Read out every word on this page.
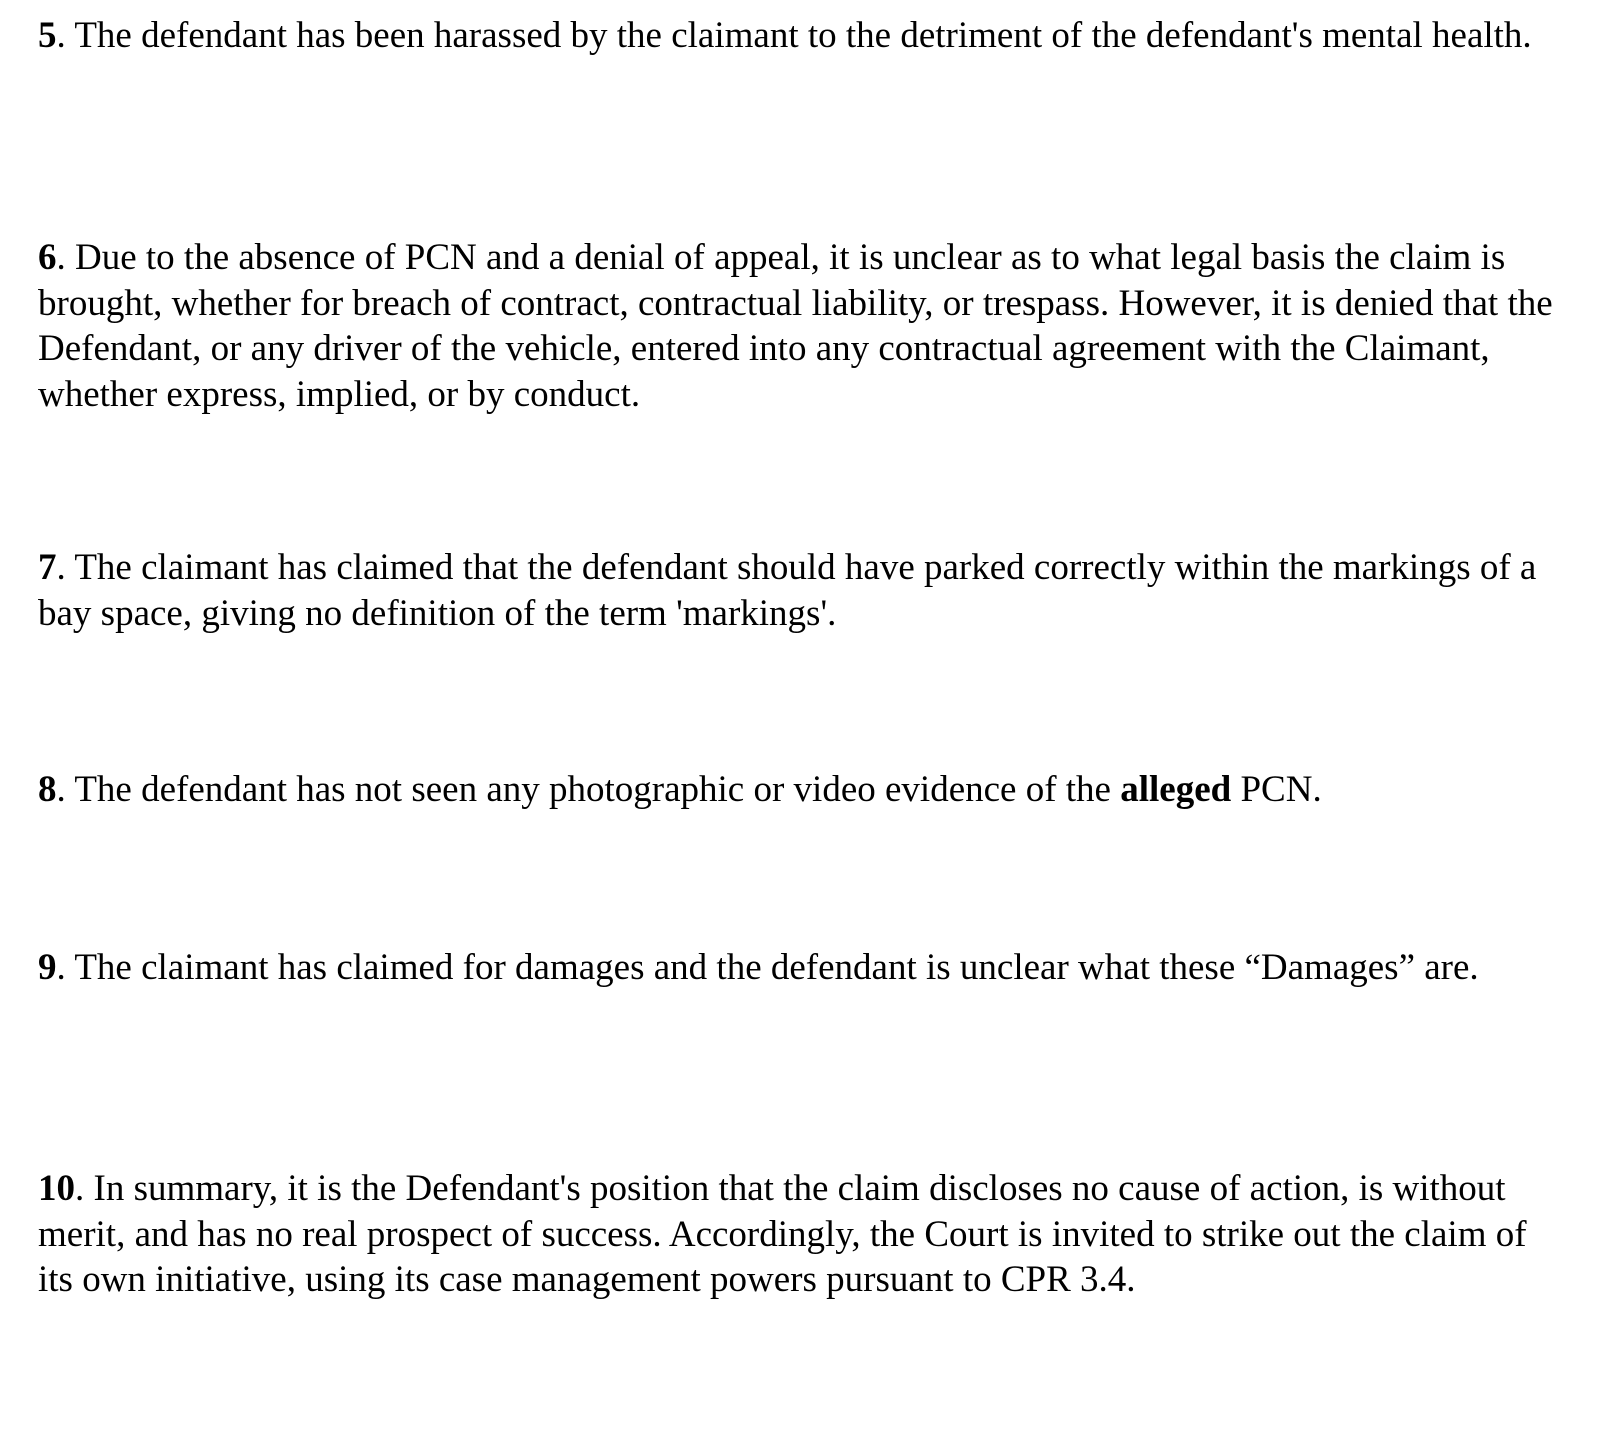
5. The defendant has been harassed by the claimant to the detriment of the defendant's mental health.

6. Due to the absence of PCN and a denial of appeal, it is unclear as to what legal basis the claim is brought, whether for breach of contract, contractual liability, or trespass. However, it is denied that the Defendant, or any driver of the vehicle, entered into any contractual agreement with the Claimant, whether express, implied, or by conduct.

7. The claimant has claimed that the defendant should have parked correctly within the markings of a bay space, giving no definition of the term 'markings'.

8. The defendant has not seen any photographic or video evidence of the alleged PCN.

9. The claimant has claimed for damages and the defendant is unclear what these “Damages” are.

10. In summary, it is the Defendant's position that the claim discloses no cause of action, is without merit, and has no real prospect of success. Accordingly, the Court is invited to strike out the claim of its own initiative, using its case management powers pursuant to CPR 3.4.
